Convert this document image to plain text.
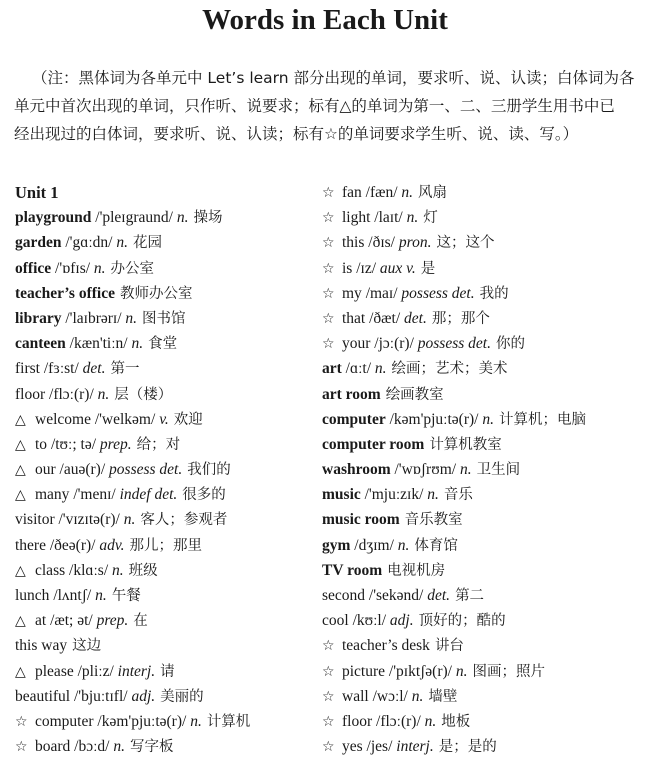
Words in Each Unit
（注：黑体词为各单元中 Let’s learn 部分出现的单词，要求听、说、认读；白体词为各
单元中首次出现的单词，只作听、说要求；标有△的单词为第一、二、三册学生用书中已
经出现过的白体词，要求听、说、认读；标有☆的单词要求学生听、说、读、写。）
Unit 1
playground /'pleɪgraund/ n. 操场
garden /'gɑːdn/ n. 花园
office /'ɒfɪs/ n. 办公室
teacher’s office 教师办公室
library /'laɪbrərɪ/ n. 图书馆
canteen /kæn'tiːn/ n. 食堂
first /fɜːst/ det. 第一
floor /flɔː(r)/ n. 层（楼）
△ welcome /'welkəm/ v. 欢迎
△ to /tʊː; tə/ prep. 给；对
△ our /auə(r)/ possess det. 我们的
△ many /'menɪ/ indef det. 很多的
visitor /'vɪzɪtə(r)/ n. 客人；参观者
there /ðeə(r)/ adv. 那儿；那里
△ class /klɑːs/ n. 班级
lunch /lʌntʃ/ n. 午餐
△ at /æt; ət/ prep. 在
this way 这边
△ please /pliːz/ interj. 请
beautiful /'bjuːtɪfl/ adj. 美丽的
☆ computer /kəm'pjuːtə(r)/ n. 计算机
☆ board /bɔːd/ n. 写字板
☆ fan /fæn/ n. 风扇
☆ light /laɪt/ n. 灯
☆ this /ðɪs/ pron. 这；这个
☆ is /ɪz/ aux v. 是
☆ my /maɪ/ possess det. 我的
☆ that /ðæt/ det. 那；那个
☆ your /jɔː(r)/ possess det. 你的
art /ɑːt/ n. 绘画；艺术；美术
art room 绘画教室
computer /kəm'pjuːtə(r)/ n. 计算机；电脑
computer room 计算机教室
washroom /'wɒʃrʊm/ n. 卫生间
music /'mjuːzɪk/ n. 音乐
music room 音乐教室
gym /dʒɪm/ n. 体育馆
TV room 电视机房
second /'sekənd/ det. 第二
cool /kʊːl/ adj. 顶好的；酷的
☆ teacher’s desk 讲台
☆ picture /'pɪktʃə(r)/ n. 图画；照片
☆ wall /wɔːl/ n. 墙壁
☆ floor /flɔː(r)/ n. 地板
☆ yes /jes/ interj. 是；是的
